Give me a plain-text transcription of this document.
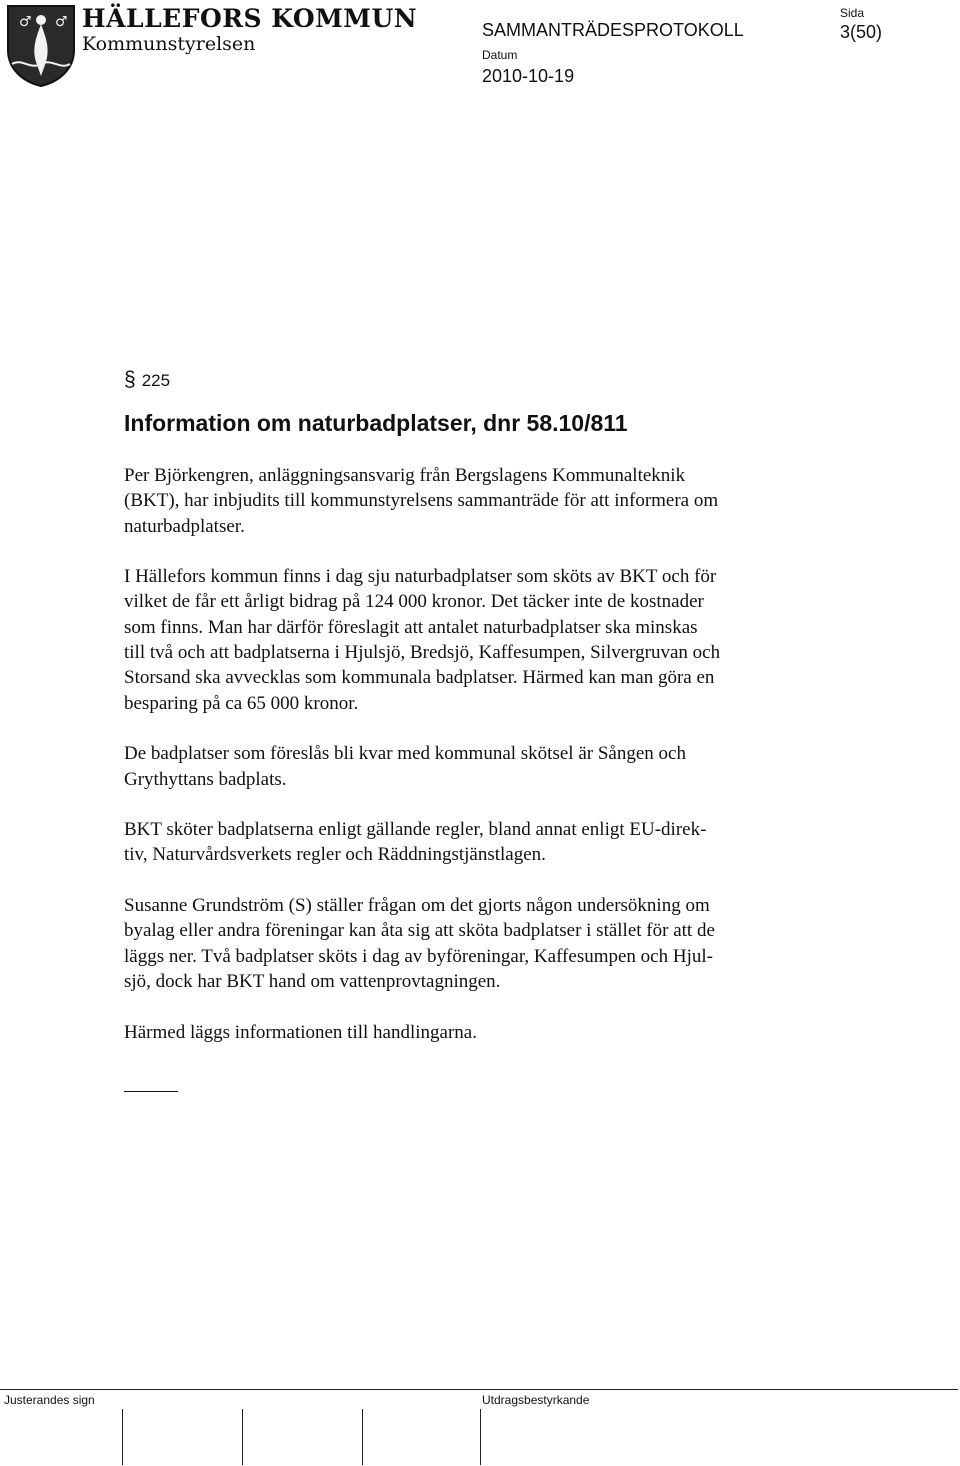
♂ ♂ HÄLLEFORS KOMMUN
Kommunstyrelsen
SAMMANTRÄDESPROTOKOLL
Datum
2010-10-19
Sida
3(50)
§ 225
Information om naturbadplatser, dnr 58.10/811

Per Björkengren, anläggningsansvarig från Bergslagens Kommunalteknik
(BKT), har inbjudits till kommunstyrelsens sammanträde för att informera om
naturbadplatser.

I Hällefors kommun finns i dag sju naturbadplatser som sköts av BKT och för
vilket de får ett årligt bidrag på 124 000 kronor. Det täcker inte de kostnader
som finns. Man har därför föreslagit att antalet naturbadplatser ska minskas
till två och att badplatserna i Hjulsjö, Bredsjö, Kaffesumpen, Silvergruvan och
Storsand ska avvecklas som kommunala badplatser. Härmed kan man göra en
besparing på ca 65 000 kronor.

De badplatser som föreslås bli kvar med kommunal skötsel är Sången och
Grythyttans badplats.

BKT sköter badplatserna enligt gällande regler, bland annat enligt EU-direk-
tiv, Naturvårdsverkets regler och Räddningstjänstlagen.

Susanne Grundström (S) ställer frågan om det gjorts någon undersökning om
byalag eller andra föreningar kan åta sig att sköta badplatser i stället för att de
läggs ner. Två badplatser sköts i dag av byföreningar, Kaffesumpen och Hjul-
sjö, dock har BKT hand om vattenprovtagningen.

Härmed läggs informationen till handlingarna.

Justerandes sign	Utdragsbestyrkande
